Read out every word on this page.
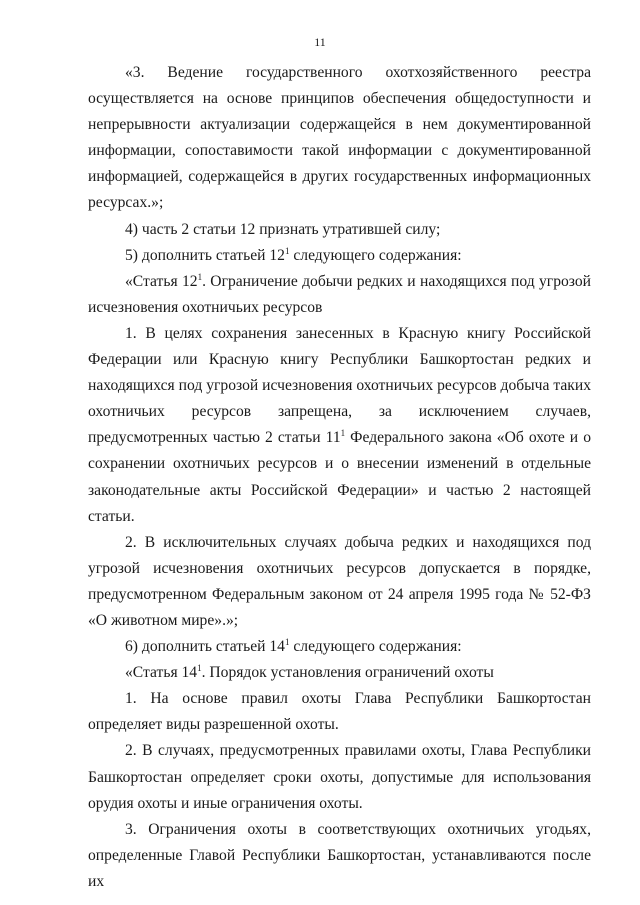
11

«3. Ведение государственного охотхозяйственного реестра осуществляется на основе принципов обеспечения общедоступности и непрерывности актуализации содержащейся в нем документированной информации, сопоставимости такой информации с документированной информацией, содержащейся в других государственных информационных ресурсах.»;

4) часть 2 статьи 12 признать утратившей силу;

5) дополнить статьей $12^1$ следующего содержания:

«Статья $12^1$. Ограничение добычи редких и находящихся под угрозой исчезновения охотничьих ресурсов

1. В целях сохранения занесенных в Красную книгу Российской Федерации или Красную книгу Республики Башкортостан редких и находящихся под угрозой исчезновения охотничьих ресурсов добыча таких охотничьих ресурсов запрещена, за исключением случаев, предусмотренных частью 2 статьи $11^1$ Федерального закона «Об охоте и о сохранении охотничьих ресурсов и о внесении изменений в отдельные законодательные акты Российской Федерации» и частью 2 настоящей статьи.

2. В исключительных случаях добыча редких и находящихся под угрозой исчезновения охотничьих ресурсов допускается в порядке, предусмотренном Федеральным законом от 24 апреля 1995 года № 52-ФЗ «О животном мире».»;

6) дополнить статьей $14^1$ следующего содержания:

«Статья $14^1$. Порядок установления ограничений охоты

1. На основе правил охоты Глава Республики Башкортостан определяет виды разрешенной охоты.

2. В случаях, предусмотренных правилами охоты, Глава Республики Башкортостан определяет сроки охоты, допустимые для использования орудия охоты и иные ограничения охоты.

3. Ограничения охоты в соответствующих охотничьих угодьях, определенные Главой Республики Башкортостан, устанавливаются после их
